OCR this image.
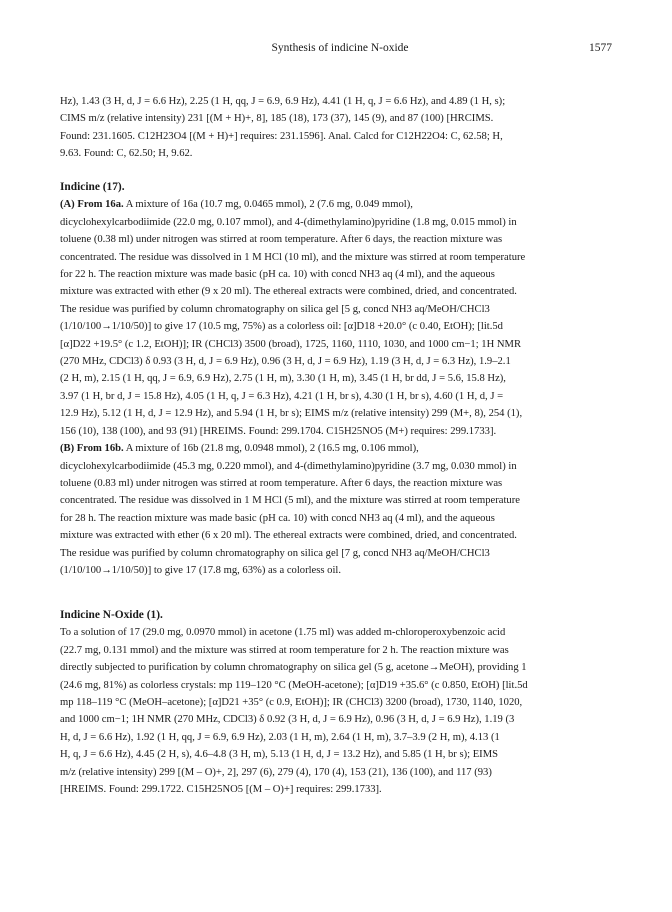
Synthesis of indicine N-oxide	1577
Hz), 1.43 (3 H, d, J = 6.6 Hz), 2.25 (1 H, qq, J = 6.9, 6.9 Hz), 4.41 (1 H, q, J = 6.6 Hz), and 4.89 (1 H, s);
CIMS m/z (relative intensity) 231 [(M + H)+, 8], 185 (18), 173 (37), 145 (9), and 87 (100) [HRCIMS.
Found: 231.1605. C12H23O4 [(M + H)+] requires: 231.1596]. Anal. Calcd for C12H22O4: C, 62.58; H,
9.63. Found: C, 62.50; H, 9.62.
Indicine (17).
(A) From 16a. A mixture of 16a (10.7 mg, 0.0465 mmol), 2 (7.6 mg, 0.049 mmol),
dicyclohexylcarbodiimide (22.0 mg, 0.107 mmol), and 4-(dimethylamino)pyridine (1.8 mg, 0.015 mmol) in
toluene (0.38 ml) under nitrogen was stirred at room temperature. After 6 days, the reaction mixture was
concentrated. The residue was dissolved in 1 M HCl (10 ml), and the mixture was stirred at room temperature
for 22 h. The reaction mixture was made basic (pH ca. 10) with concd NH3 aq (4 ml), and the aqueous
mixture was extracted with ether (9 x 20 ml). The ethereal extracts were combined, dried, and concentrated.
The residue was purified by column chromatography on silica gel [5 g, concd NH3 aq/MeOH/CHCl3
(1/10/100→1/10/50)] to give 17 (10.5 mg, 75%) as a colorless oil: [α]D18 +20.0° (c 0.40, EtOH); [lit.5d
[α]D22 +19.5° (c 1.2, EtOH)]; IR (CHCl3) 3500 (broad), 1725, 1160, 1110, 1030, and 1000 cm−1; 1H NMR
(270 MHz, CDCl3) δ 0.93 (3 H, d, J = 6.9 Hz), 0.96 (3 H, d, J = 6.9 Hz), 1.19 (3 H, d, J = 6.3 Hz), 1.9–2.1
(2 H, m), 2.15 (1 H, qq, J = 6.9, 6.9 Hz), 2.75 (1 H, m), 3.30 (1 H, m), 3.45 (1 H, br dd, J = 5.6, 15.8 Hz),
3.97 (1 H, br d, J = 15.8 Hz), 4.05 (1 H, q, J = 6.3 Hz), 4.21 (1 H, br s), 4.30 (1 H, br s), 4.60 (1 H, d, J =
12.9 Hz), 5.12 (1 H, d, J = 12.9 Hz), and 5.94 (1 H, br s); EIMS m/z (relative intensity) 299 (M+, 8), 254 (1),
156 (10), 138 (100), and 93 (91) [HREIMS. Found: 299.1704. C15H25NO5 (M+) requires: 299.1733].
(B) From 16b. A mixture of 16b (21.8 mg, 0.0948 mmol), 2 (16.5 mg, 0.106 mmol),
dicyclohexylcarbodiimide (45.3 mg, 0.220 mmol), and 4-(dimethylamino)pyridine (3.7 mg, 0.030 mmol) in
toluene (0.83 ml) under nitrogen was stirred at room temperature. After 6 days, the reaction mixture was
concentrated. The residue was dissolved in 1 M HCl (5 ml), and the mixture was stirred at room temperature
for 28 h. The reaction mixture was made basic (pH ca. 10) with concd NH3 aq (4 ml), and the aqueous
mixture was extracted with ether (6 x 20 ml). The ethereal extracts were combined, dried, and concentrated.
The residue was purified by column chromatography on silica gel [7 g, concd NH3 aq/MeOH/CHCl3
(1/10/100→1/10/50)] to give 17 (17.8 mg, 63%) as a colorless oil.
Indicine N-Oxide (1).
To a solution of 17 (29.0 mg, 0.0970 mmol) in acetone (1.75 ml) was added m-chloroperoxybenzoic acid
(22.7 mg, 0.131 mmol) and the mixture was stirred at room temperature for 2 h. The reaction mixture was
directly subjected to purification by column chromatography on silica gel (5 g, acetone→MeOH), providing 1
(24.6 mg, 81%) as colorless crystals: mp 119–120 °C (MeOH-acetone); [α]D19 +35.6° (c 0.850, EtOH) [lit.5d
mp 118–119 °C (MeOH–acetone); [α]D21 +35° (c 0.9, EtOH)]; IR (CHCl3) 3200 (broad), 1730, 1140, 1020,
and 1000 cm−1; 1H NMR (270 MHz, CDCl3) δ 0.92 (3 H, d, J = 6.9 Hz), 0.96 (3 H, d, J = 6.9 Hz), 1.19 (3
H, d, J = 6.6 Hz), 1.92 (1 H, qq, J = 6.9, 6.9 Hz), 2.03 (1 H, m), 2.64 (1 H, m), 3.7–3.9 (2 H, m), 4.13 (1
H, q, J = 6.6 Hz), 4.45 (2 H, s), 4.6–4.8 (3 H, m), 5.13 (1 H, d, J = 13.2 Hz), and 5.85 (1 H, br s); EIMS
m/z (relative intensity) 299 [(M – O)+, 2], 297 (6), 279 (4), 170 (4), 153 (21), 136 (100), and 117 (93)
[HREIMS. Found: 299.1722. C15H25NO5 [(M – O)+] requires: 299.1733].
